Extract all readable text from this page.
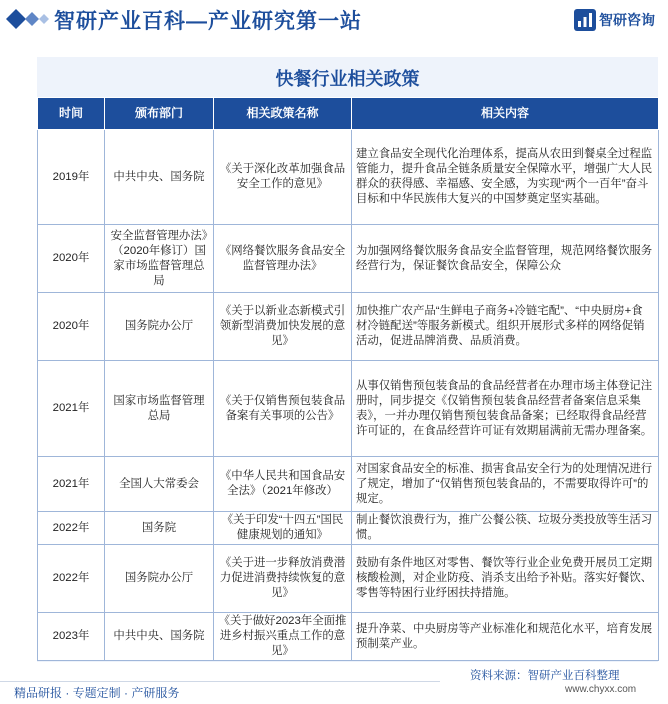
智研产业百科—产业研究第一站	智研咨询
快餐行业相关政策
时间	颁布部门	相关政策名称	相关内容
2019年	中共中央、国务院	《关于深化改革加强食品安全工作的意见》	建立食品安全现代化治理体系，提高从农田到餐桌全过程监管能力，提升食品全链条质量安全保障水平，增强广大人民群众的获得感、幸福感、安全感，为实现“两个一百年”奋斗目标和中华民族伟大复兴的中国梦奠定坚实基础。
2020年	安全监督管理办法》（2020年修订）国家市场监督管理总局	《网络餐饮服务食品安全监督管理办法》	为加强网络餐饮服务食品安全监督管理，规范网络餐饮服务经营行为，保证餐饮食品安全，保障公众
2020年	国务院办公厅	《关于以新业态新模式引领新型消费加快发展的意见》	加快推广农产品“生鲜电子商务+冷链宅配”、“中央厨房+食材冷链配送”等服务新模式。组织开展形式多样的网络促销活动，促进品牌消费、品质消费。
2021年	国家市场监督管理总局	《关于仅销售预包装食品备案有关事项的公告》	从事仅销售预包装食品的食品经营者在办理市场主体登记注册时，同步提交《仅销售预包装食品经营者备案信息采集表》，一并办理仅销售预包装食品备案；已经取得食品经营许可证的，在食品经营许可证有效期届满前无需办理备案。
2021年	全国人大常委会	《中华人民共和国食品安全法》（2021年修改）	对国家食品安全的标准、损害食品安全行为的处理情况进行了规定，增加了“仅销售预包装食品的，不需要取得许可”的规定。
2022年	国务院	《关于印发“十四五”国民健康规划的通知》	制止餐饮浪费行为，推广公餐公筷、垃圾分类投放等生活习惯。
2022年	国务院办公厅	《关于进一步释放消费潜力促进消费持续恢复的意见》	鼓励有条件地区对零售、餐饮等行业企业免费开展员工定期核酸检测，对企业防疫、消杀支出给予补贴。落实好餐饮、零售等特困行业纾困扶持措施。
2023年	中共中央、国务院	《关于做好2023年全面推进乡村振兴重点工作的意见》	提升净菜、中央厨房等产业标准化和规范化水平，培育发展预制菜产业。
资料来源：智研产业百科整理
精品研报 · 专题定制 · 产研服务	www.chyxx.com
